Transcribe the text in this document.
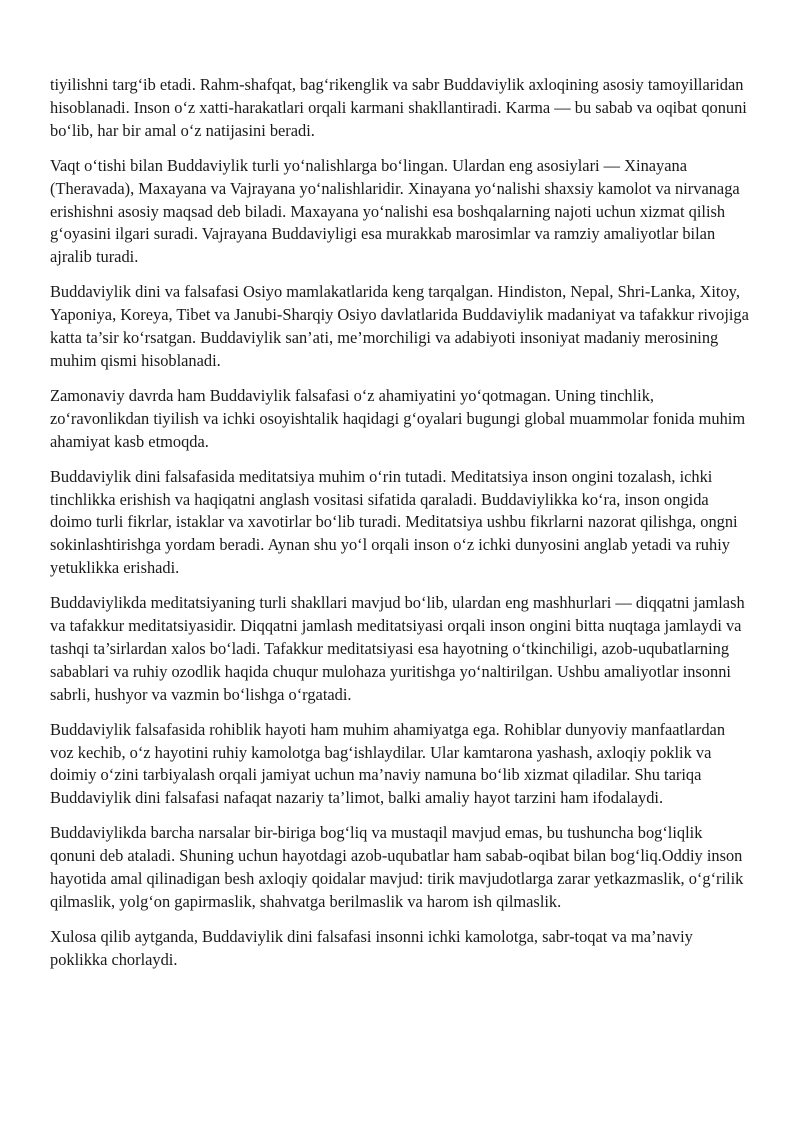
tiyilishni targ‘ib etadi. Rahm-shafqat, bag‘rikenglik va sabr Buddaviylik axloqining asosiy tamoyillaridan hisoblanadi. Inson o‘z xatti-harakatlari orqali karmani shakllantiradi. Karma — bu sabab va oqibat qonuni bo‘lib, har bir amal o‘z natijasini beradi.

Vaqt o‘tishi bilan Buddaviylik turli yo‘nalishlarga bo‘lingan. Ulardan eng asosiylari — Xinayana (Theravada), Maxayana va Vajrayana yo‘nalishlaridir. Xinayana yo‘nalishi shaxsiy kamolot va nirvanaga erishishni asosiy maqsad deb biladi. Maxayana yo‘nalishi esa boshqalarning najoti uchun xizmat qilish g‘oyasini ilgari suradi. Vajrayana Buddaviyligi esa murakkab marosimlar va ramziy amaliyotlar bilan ajralib turadi.

Buddaviylik dini va falsafasi Osiyo mamlakatlarida keng tarqalgan. Hindiston, Nepal, Shri-Lanka, Xitoy, Yaponiya, Koreya, Tibet va Janubi-Sharqiy Osiyo davlatlarida Buddaviylik madaniyat va tafakkur rivojiga katta ta’sir ko‘rsatgan. Buddaviylik san’ati, me’morchiligi va adabiyoti insoniyat madaniy merosining muhim qismi hisoblanadi.

Zamonaviy davrda ham Buddaviylik falsafasi o‘z ahamiyatini yo‘qotmagan. Uning tinchlik, zo‘ravonlikdan tiyilish va ichki osoyishtalik haqidagi g‘oyalari bugungi global muammolar fonida muhim ahamiyat kasb etmoqda.

Buddaviylik dini falsafasida meditatsiya muhim o‘rin tutadi. Meditatsiya inson ongini tozalash, ichki tinchlikka erishish va haqiqatni anglash vositasi sifatida qaraladi. Buddaviylikka ko‘ra, inson ongida doimo turli fikrlar, istaklar va xavotirlar bo‘lib turadi. Meditatsiya ushbu fikrlarni nazorat qilishga, ongni sokinlashtirishga yordam beradi. Aynan shu yo‘l orqali inson o‘z ichki dunyosini anglab yetadi va ruhiy yetuklikka erishadi.

Buddaviylikda meditatsiyaning turli shakllari mavjud bo‘lib, ulardan eng mashhurlari — diqqatni jamlash va tafakkur meditatsiyasidir. Diqqatni jamlash meditatsiyasi orqali inson ongini bitta nuqtaga jamlaydi va tashqi ta’sirlardan xalos bo‘ladi. Tafakkur meditatsiyasi esa hayotning o‘tkinchiligi, azob-uqubatlarning sabablari va ruhiy ozodlik haqida chuqur mulohaza yuritishga yo‘naltirilgan. Ushbu amaliyotlar insonni sabrli, hushyor va vazmin bo‘lishga o‘rgatadi.

Buddaviylik falsafasida rohiblik hayoti ham muhim ahamiyatga ega. Rohiblar dunyoviy manfaatlardan voz kechib, o‘z hayotini ruhiy kamolotga bag‘ishlaydilar. Ular kamtarona yashash, axloqiy poklik va doimiy o‘zini tarbiyalash orqali jamiyat uchun ma’naviy namuna bo‘lib xizmat qiladilar. Shu tariqa Buddaviylik dini falsafasi nafaqat nazariy ta’limot, balki amaliy hayot tarzini ham ifodalaydi.

Buddaviylikda barcha narsalar bir-biriga bog‘liq va mustaqil mavjud emas, bu tushuncha bog‘liqlik qonuni deb ataladi. Shuning uchun hayotdagi azob-uqubatlar ham sabab-oqibat bilan bog‘liq.Oddiy inson hayotida amal qilinadigan besh axloqiy qoidalar mavjud: tirik mavjudotlarga zarar yetkazmaslik, o‘g‘rilik qilmaslik, yolg‘on gapirmaslik, shahvatga berilmaslik va harom ish qilmaslik.

Xulosa qilib aytganda, Buddaviylik dini falsafasi insonni ichki kamolotga, sabr-toqat va ma’naviy poklikka chorlaydi.
